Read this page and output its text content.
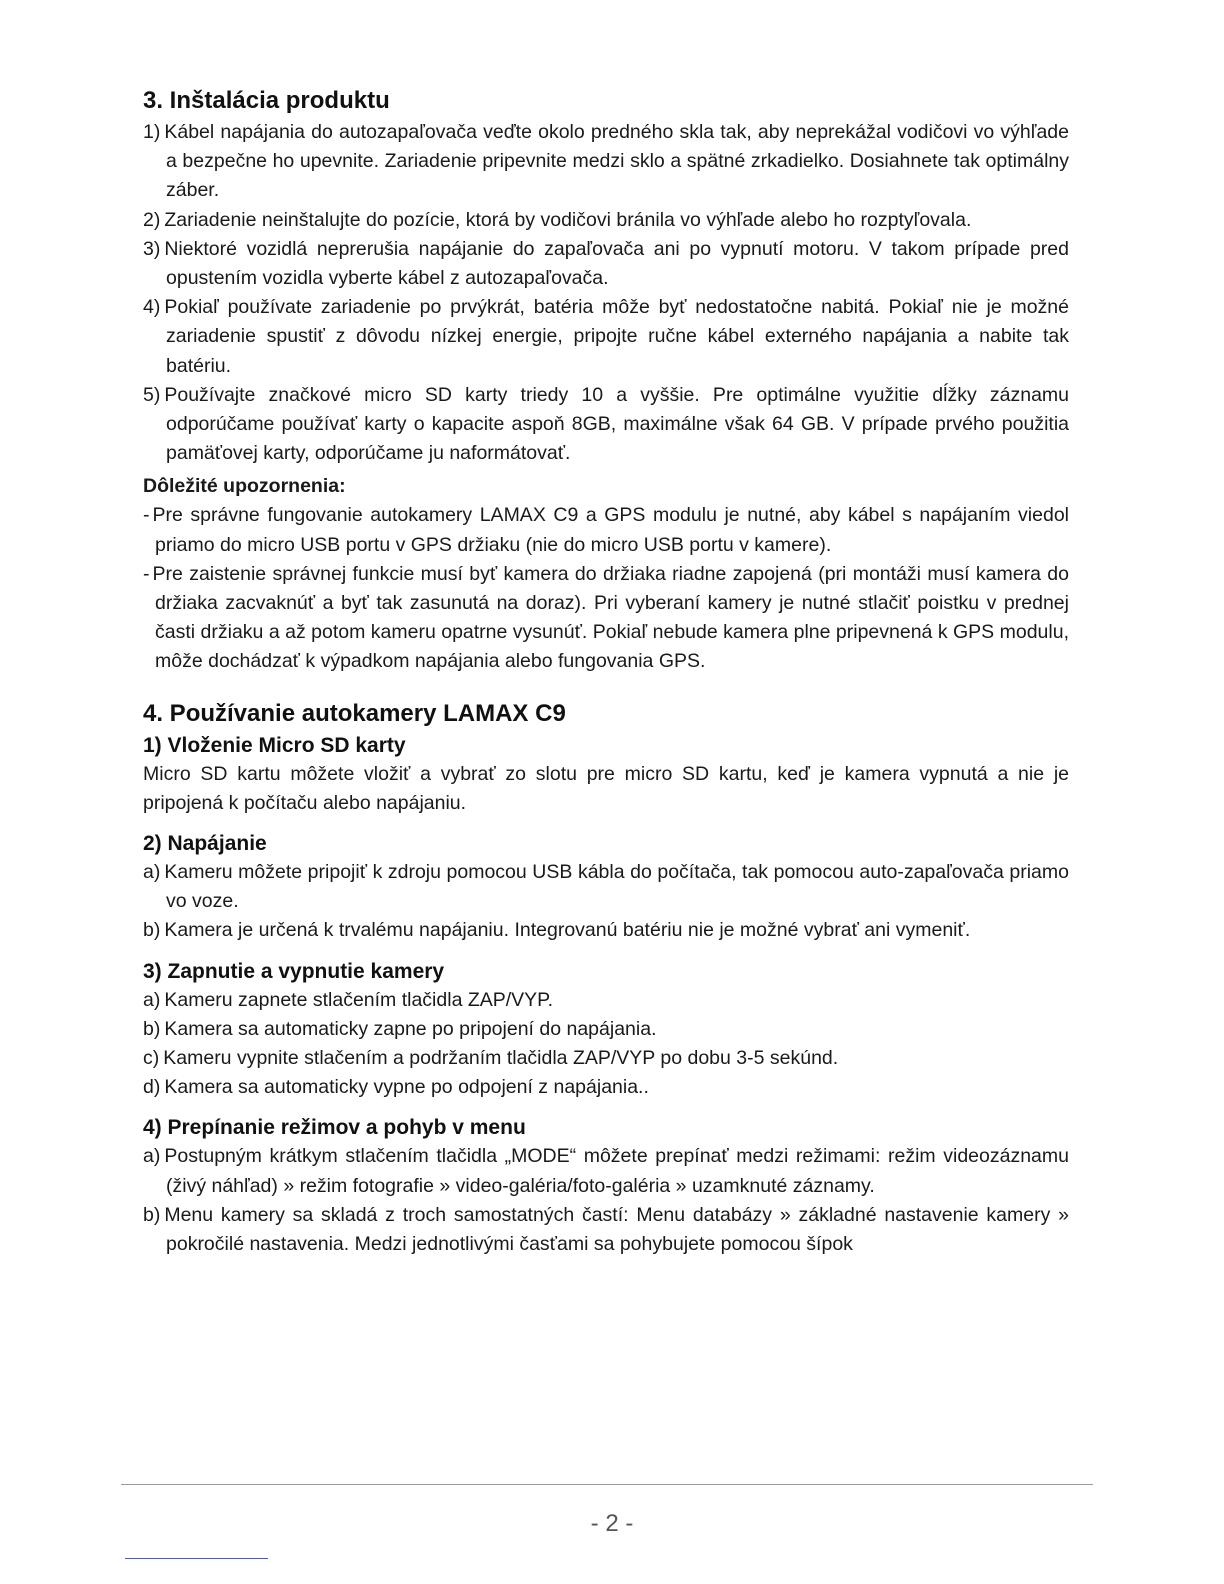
3. Inštalácia produktu

1) Kábel napájania do autozapaľovača veďte okolo predného skla tak, aby neprekážal vodičovi vo výhľade a bezpečne ho upevnite. Zariadenie pripevnite medzi sklo a spätné zrkadielko. Dosiahnete tak optimálny záber.

2) Zariadenie neinštalujte do pozície, ktorá by vodičovi bránila vo výhľade alebo ho rozptyľovala.

3) Niektoré vozidlá neprerušia napájanie do zapaľovača ani po vypnutí motoru. V takom prípade pred opustením vozidla vyberte kábel z autozapaľovača.

4) Pokiaľ používate zariadenie po prvýkrát, batéria môže byť nedostatočne nabitá. Pokiaľ nie je možné zariadenie spustiť z dôvodu nízkej energie, pripojte ručne kábel externého napájania a nabite tak batériu.

5) Používajte značkové micro SD karty triedy 10 a vyššie. Pre optimálne využitie dĺžky záznamu odporúčame používať karty o kapacite aspoň 8GB, maximálne však 64 GB. V prípade prvého použitia pamäťovej karty, odporúčame ju naformátovať.

Dôležité upozornenia:

- Pre správne fungovanie autokamery LAMAX C9 a GPS modulu je nutné, aby kábel s napájaním viedol priamo do micro USB portu v GPS držiaku (nie do micro USB portu v kamere).

- Pre zaistenie správnej funkcie musí byť kamera do držiaka riadne zapojená (pri montáži musí kamera do držiaka zacvaknúť a byť tak zasunutá na doraz). Pri vyberaní kamery je nutné stlačiť poistku v prednej časti držiaku a až potom kameru opatrne vysunúť. Pokiaľ nebude kamera plne pripevnená k GPS modulu, môže dochádzať k výpadkom napájania alebo fungovania GPS.

4. Používanie autokamery LAMAX C9
1) Vloženie Micro SD karty

Micro SD kartu môžete vložiť a vybrať zo slotu pre micro SD kartu, keď je kamera vypnutá a nie je pripojená k počítaču alebo napájaniu.

2) Napájanie

a) Kameru môžete pripojiť k zdroju pomocou USB kábla do počítača, tak pomocou auto-zapaľovača priamo vo voze.

b) Kamera je určená k trvalému napájaniu. Integrovanú batériu nie je možné vybrať ani vymeniť.

3) Zapnutie a vypnutie kamery

a) Kameru zapnete stlačením tlačidla ZAP/VYP.

b) Kamera sa automaticky zapne po pripojení do napájania.

c) Kameru vypnite stlačením a podržaním tlačidla ZAP/VYP po dobu 3-5 sekúnd.

d) Kamera sa automaticky vypne po odpojení z napájania..

4) Prepínanie režimov a pohyb v menu

a) Postupným krátkym stlačením tlačidla „MODE“ môžete prepínať medzi režimami: režim videozáznamu (živý náhľad) » režim fotografie » video-galéria/foto-galéria » uzamknuté záznamy.

b) Menu kamery sa skladá z troch samostatných častí: Menu databázy » základné nastavenie kamery » pokročilé nastavenia. Medzi jednotlivými časťami sa pohybujete pomocou šípok

- 2 -
